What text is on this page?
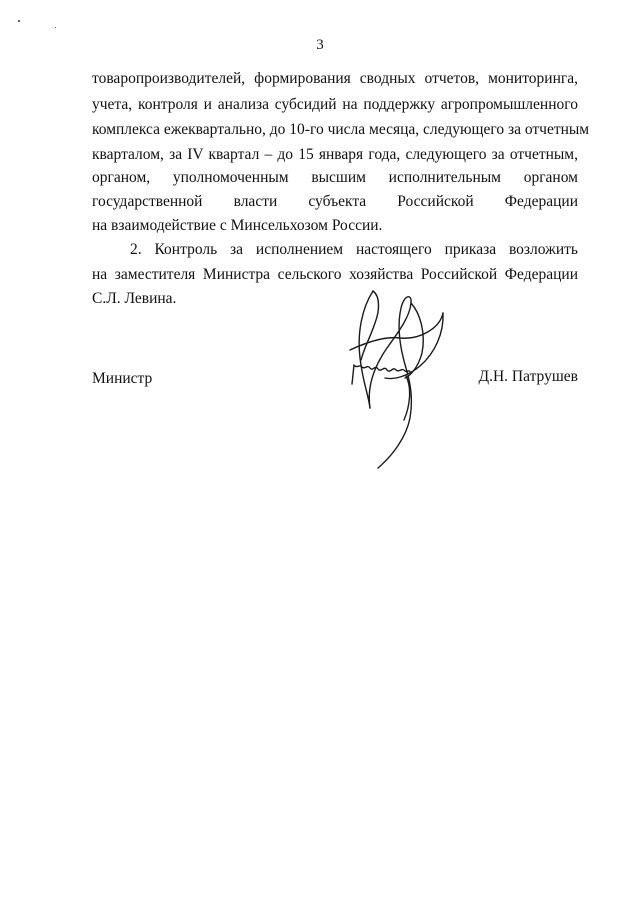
3
товаропроизводителей, формирования сводных отчетов, мониторинга,
учета, контроля и анализа субсидий на поддержку агропромышленного
комплекса ежеквартально, до 10-го числа месяца, следующего за отчетным
кварталом, за IV квартал – до 15 января года, следующего за отчетным,
органом, уполномоченным высшим исполнительным органом
государственной власти субъекта Российской Федерации
на взаимодействие с Минсельхозом России.
2. Контроль за исполнением настоящего приказа возложить
на заместителя Министра сельского хозяйства Российской Федерации
С.Л. Левина.
Министр	Д.Н. Патрушев
